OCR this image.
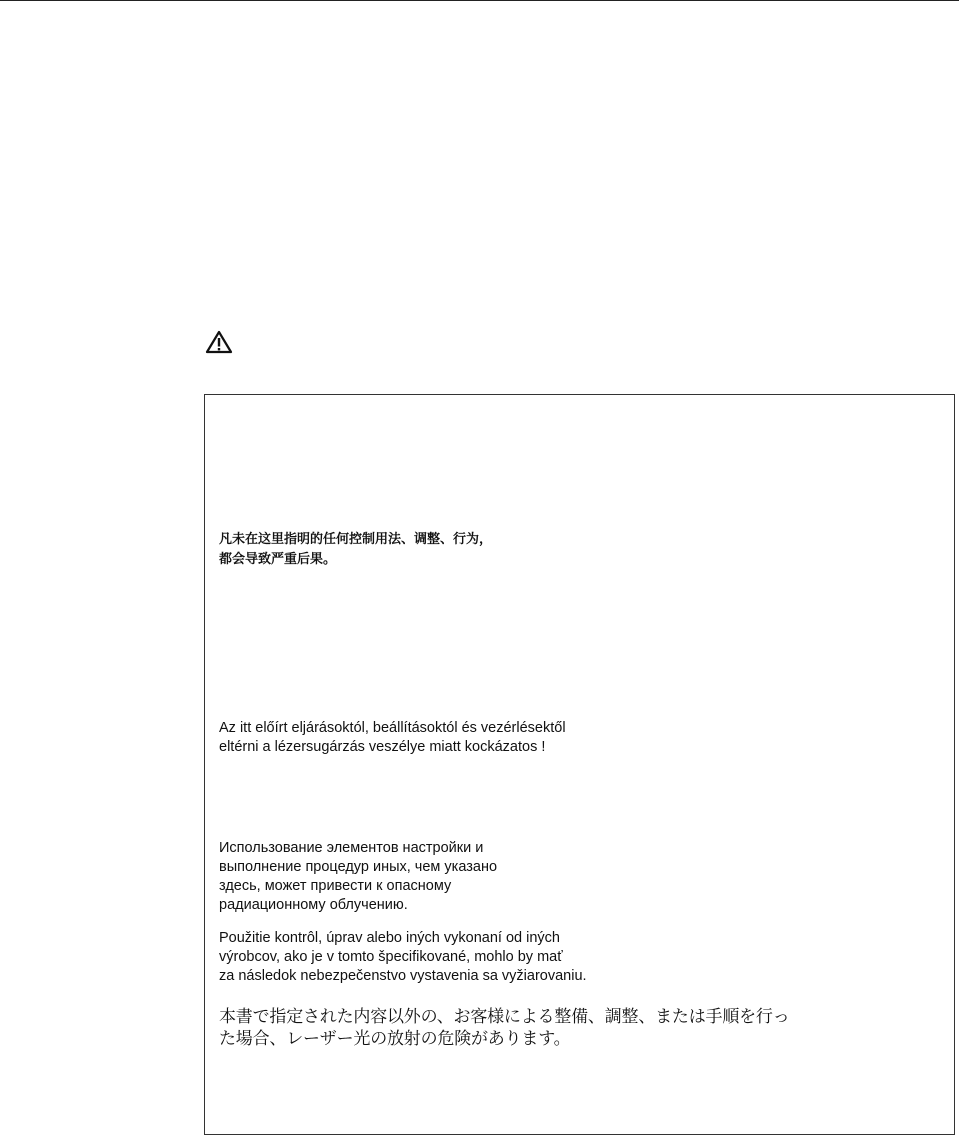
凡未在这里指明的任何控制用法、调整、行为，
都会导致严重后果。

Az itt előírt eljárásoktól, beállításoktól és vezérlésektől
eltérni a lézersugárzás veszélye miatt kockázatos !

Использование элементов настройки и
выполнение процедур иных, чем указано
здесь, может привести к опасному
радиационному облучению.

Použitie kontrôl, úprav alebo iných vykonaní od iných
výrobcov, ako je v tomto špecifikované, mohlo by mať
za následok nebezpečenstvo vystavenia sa vyžiarovaniu.

本書で指定された内容以外の、お客様による整備、調整、または手順を行っ
た場合、レーザー光の放射の危険があります。
